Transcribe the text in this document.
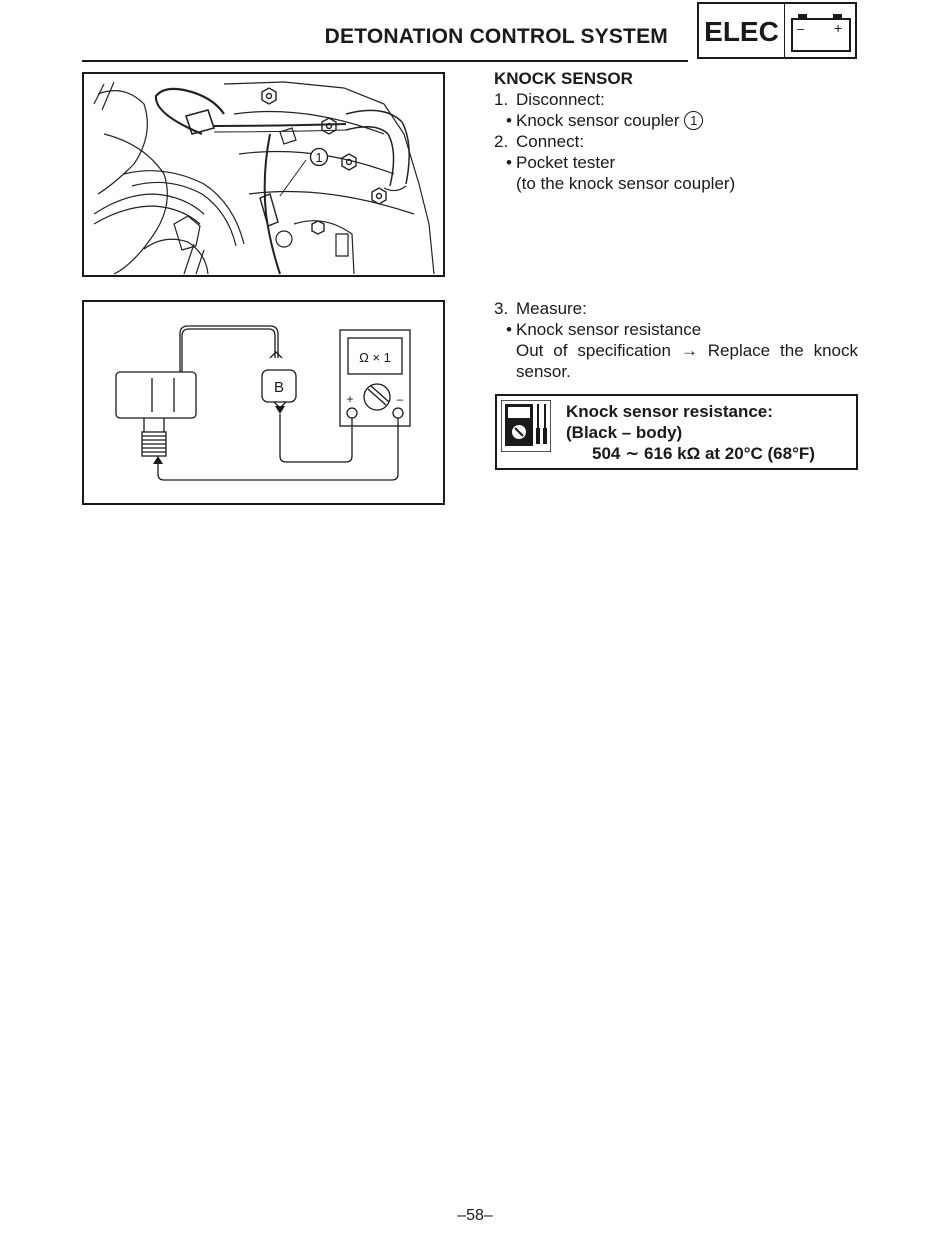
DETONATION CONTROL SYSTEM ELEC	– +
1
Ω × 1
B
+	–
KNOCK SENSOR
1. Disconnect:
• Knock sensor coupler 1
2. Connect:
• Pocket tester
(to the knock sensor coupler)
3. Measure:
• Knock sensor resistance
Out of specification → Replace the knock sensor.
Knock sensor resistance:
(Black – body)
504 ∼ 616 kΩ at 20°C (68°F)
–58–
